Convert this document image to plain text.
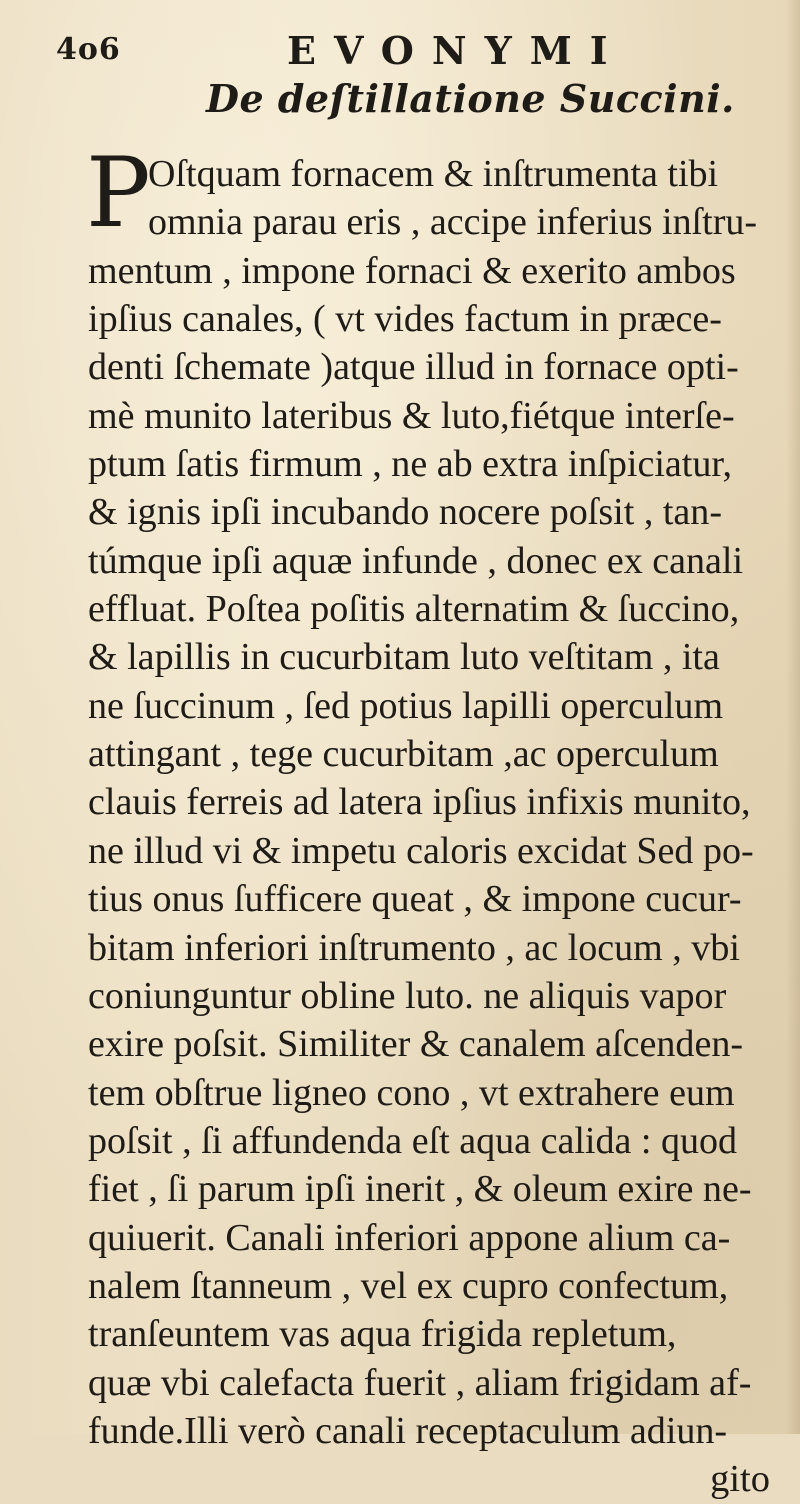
4o6	EVONYMI
De deſtillatione Succini.
P
Oſtquam fornacem & inſtrumenta tibi
omnia parau eris , accipe inferius inſtru-
mentum , impone fornaci & exerito ambos
ipſius canales, ( vt vides factum in præce-
denti ſchemate )atque illud in fornace opti-
mè munito lateribus & luto,fiétque interſe-
ptum ſatis firmum , ne ab extra inſpiciatur,
& ignis ipſi incubando nocere poſsit , tan-
túmque ipſi aquæ infunde , donec ex canali
effluat. Poſtea poſitis alternatim & ſuccino,
& lapillis in cucurbitam luto veſtitam , ita
ne ſuccinum , ſed potius lapilli operculum
attingant , tege cucurbitam ,ac operculum
clauis ferreis ad latera ipſius infixis munito,
ne illud vi & impetu caloris excidat Sed po-
tius onus ſufficere queat , & impone cucur-
bitam inferiori inſtrumento , ac locum , vbi
coniunguntur obline luto. ne aliquis vapor
exire poſsit. Similiter & canalem aſcenden-
tem obſtrue ligneo cono , vt extrahere eum
poſsit , ſi affundenda eſt aqua calida : quod
fiet , ſi parum ipſi inerit , & oleum exire ne-
quiuerit. Canali inferiori appone alium ca-
nalem ſtanneum , vel ex cupro confectum,
tranſeuntem vas aqua frigida repletum,
quæ vbi calefacta fuerit , aliam frigidam af-
funde.Illi verò canali receptaculum adiun-
gito
